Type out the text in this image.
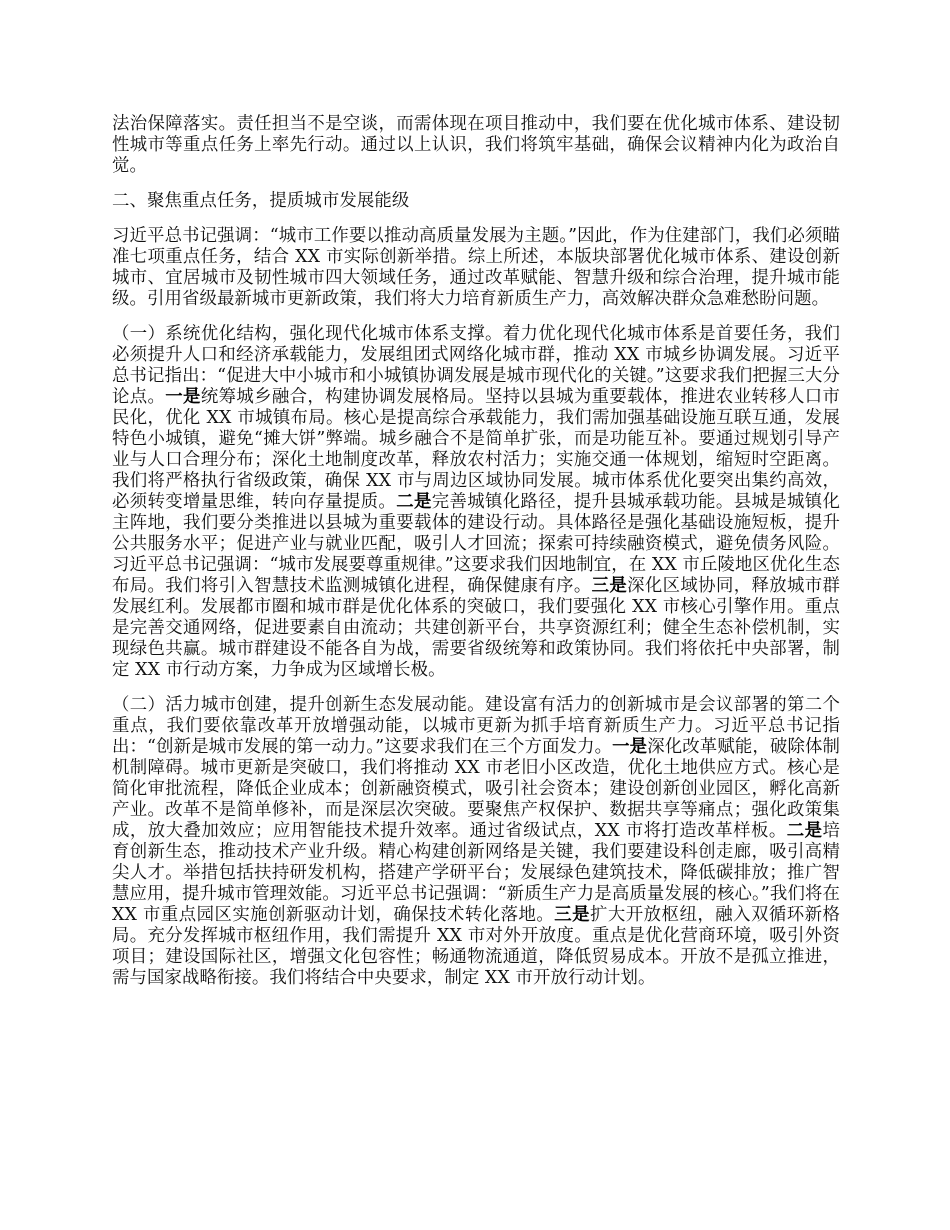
法治保障落实。责任担当不是空谈，而需体现在项目推动中，我们要在优化城市体系、建设韧性城市等重点任务上率先行动。通过以上认识，我们将筑牢基础，确保会议精神内化为政治自觉。

二、聚焦重点任务，提质城市发展能级

习近平总书记强调：“城市工作要以推动高质量发展为主题。”因此，作为住建部门，我们必须瞄准七项重点任务，结合 XX 市实际创新举措。综上所述，本版块部署优化城市体系、建设创新城市、宜居城市及韧性城市四大领域任务，通过改革赋能、智慧升级和综合治理，提升城市能级。引用省级最新城市更新政策，我们将大力培育新质生产力，高效解决群众急难愁盼问题。

（一）系统优化结构，强化现代化城市体系支撑。着力优化现代化城市体系是首要任务，我们必须提升人口和经济承载能力，发展组团式网络化城市群，推动 XX 市城乡协调发展。习近平总书记指出：“促进大中小城市和小城镇协调发展是城市现代化的关键。”这要求我们把握三大分论点。一是统筹城乡融合，构建协调发展格局。坚持以县城为重要载体，推进农业转移人口市民化，优化 XX 市城镇布局。核心是提高综合承载能力，我们需加强基础设施互联互通，发展特色小城镇，避免“摊大饼”弊端。城乡融合不是简单扩张，而是功能互补。要通过规划引导产业与人口合理分布；深化土地制度改革，释放农村活力；实施交通一体规划，缩短时空距离。我们将严格执行省级政策，确保 XX 市与周边区域协同发展。城市体系优化要突出集约高效，必须转变增量思维，转向存量提质。二是完善城镇化路径，提升县城承载功能。县城是城镇化主阵地，我们要分类推进以县城为重要载体的建设行动。具体路径是强化基础设施短板，提升公共服务水平；促进产业与就业匹配，吸引人才回流；探索可持续融资模式，避免债务风险。习近平总书记强调：“城市发展要尊重规律。”这要求我们因地制宜，在 XX 市丘陵地区优化生态布局。我们将引入智慧技术监测城镇化进程，确保健康有序。三是深化区域协同，释放城市群发展红利。发展都市圈和城市群是优化体系的突破口，我们要强化 XX 市核心引擎作用。重点是完善交通网络，促进要素自由流动；共建创新平台，共享资源红利；健全生态补偿机制，实现绿色共赢。城市群建设不能各自为战，需要省级统筹和政策协同。我们将依托中央部署，制定 XX 市行动方案，力争成为区域增长极。

（二）活力城市创建，提升创新生态发展动能。建设富有活力的创新城市是会议部署的第二个重点，我们要依靠改革开放增强动能，以城市更新为抓手培育新质生产力。习近平总书记指出：“创新是城市发展的第一动力。”这要求我们在三个方面发力。一是深化改革赋能，破除体制机制障碍。城市更新是突破口，我们将推动 XX 市老旧小区改造，优化土地供应方式。核心是简化审批流程，降低企业成本；创新融资模式，吸引社会资本；建设创新创业园区，孵化高新产业。改革不是简单修补，而是深层次突破。要聚焦产权保护、数据共享等痛点；强化政策集成，放大叠加效应；应用智能技术提升效率。通过省级试点，XX 市将打造改革样板。二是培育创新生态，推动技术产业升级。精心构建创新网络是关键，我们要建设科创走廊，吸引高精尖人才。举措包括扶持研发机构，搭建产学研平台；发展绿色建筑技术，降低碳排放；推广智慧应用，提升城市管理效能。习近平总书记强调：“新质生产力是高质量发展的核心。”我们将在 XX 市重点园区实施创新驱动计划，确保技术转化落地。三是扩大开放枢纽，融入双循环新格局。充分发挥城市枢纽作用，我们需提升 XX 市对外开放度。重点是优化营商环境，吸引外资项目；建设国际社区，增强文化包容性；畅通物流通道，降低贸易成本。开放不是孤立推进，需与国家战略衔接。我们将结合中央要求，制定 XX 市开放行动计划。
